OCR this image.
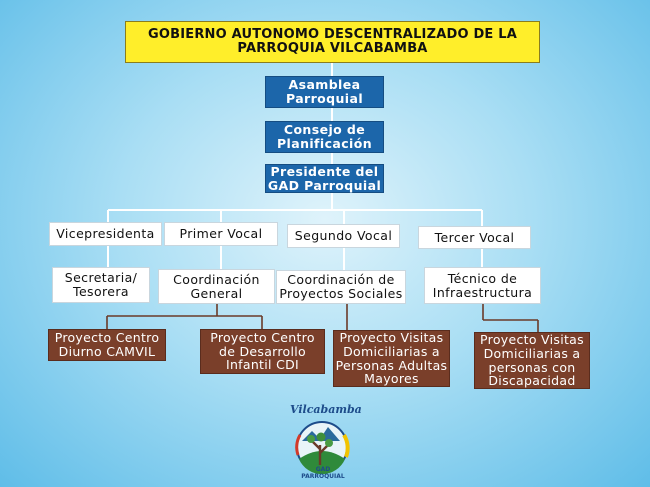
GOBIERNO AUTONOMO DESCENTRALIZADO DE LA
PARROQUIA VILCABAMBA
Asamblea
Parroquial
Consejo de
Planificación
Presidente del
GAD Parroquial
Vicepresidenta	Primer Vocal	Segundo Vocal	Tercer Vocal
Secretaria/
Tesorera
Coordinación
General
Coordinación de
Proyectos Sociales
Técnico de
Infraestructura
Proyecto Centro
Diurno CAMVIL
Proyecto Centro
de Desarrollo
Infantil CDI
Proyecto Visitas
Domiciliarias a
Personas Adultas
Mayores
Proyecto Visitas
Domiciliarias a
personas con
Discapacidad
Vilcabamba
GAD PARROQUIAL
